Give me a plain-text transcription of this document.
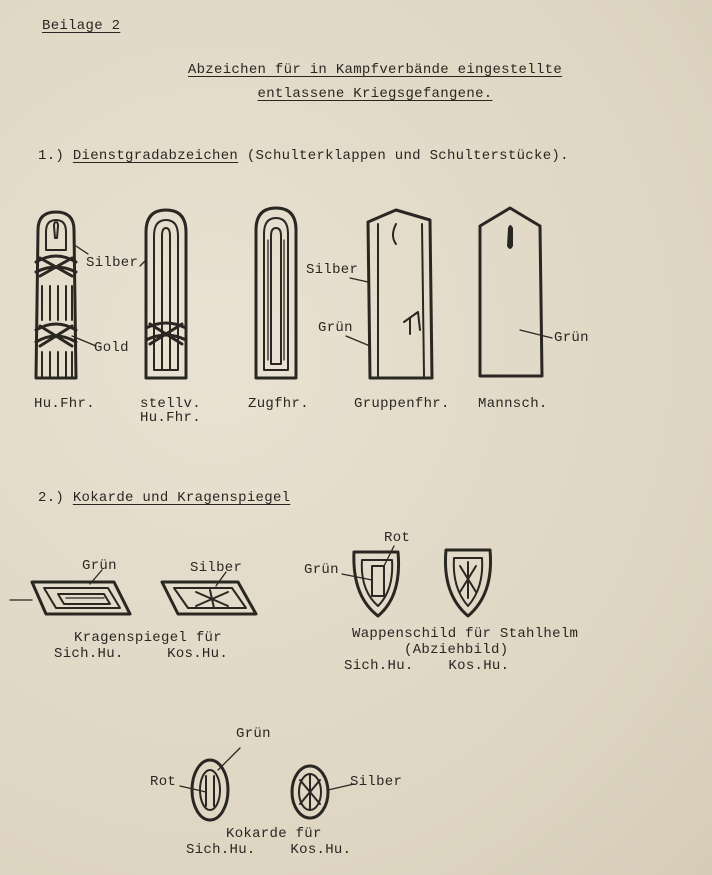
Beilage 2
Abzeichen für in Kampfverbände eingestellte
entlassene Kriegsgefangene.
1.) Dienstgradabzeichen (Schulterklappen und Schulterstücke).
Silber
Gold
Silber
Grün
Grün
Hu.Fhr.	stellv.
Hu.Fhr.
Zugfhr.	Gruppenfhr. Mannsch.
2.) Kokarde und Kragenspiegel
Grün	Silber
Rot
Grün
Kragenspiegel für
Sich.Hu.     Kos.Hu.
Wappenschild für Stahlhelm
(Abziehbild)
Sich.Hu.    Kos.Hu.
Grün
Rot	Silber
Kokarde für
Sich.Hu.    Kos.Hu.
